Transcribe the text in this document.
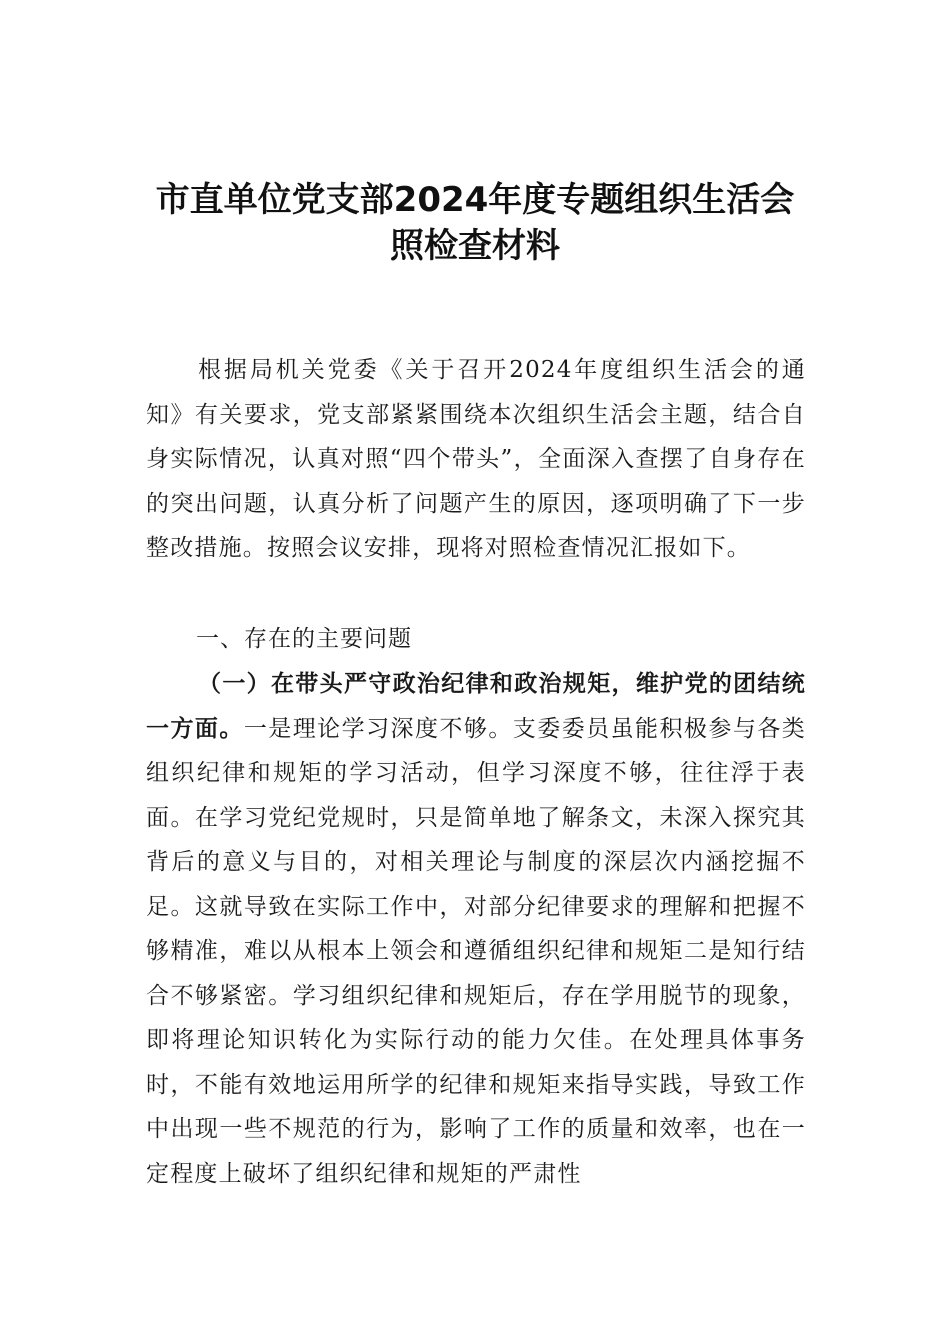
市直单位党支部2024年度专题组织生活会
照检查材料

根据局机关党委《关于召开2024年度组织生活会的通知》有关要求，党支部紧紧围绕本次组织生活会主题，结合自身实际情况，认真对照“四个带头”，全面深入查摆了自身存在的突出问题，认真分析了问题产生的原因，逐项明确了下一步整改措施。按照会议安排，现将对照检查情况汇报如下。

一、存在的主要问题

（一）在带头严守政治纪律和政治规矩，维护党的团结统一方面。一是理论学习深度不够。支委委员虽能积极参与各类组织纪律和规矩的学习活动，但学习深度不够，往往浮于表面。在学习党纪党规时，只是简单地了解条文，未深入探究其背后的意义与目的，对相关理论与制度的深层次内涵挖掘不足。这就导致在实际工作中，对部分纪律要求的理解和把握不够精准，难以从根本上领会和遵循组织纪律和规矩二是知行结合不够紧密。学习组织纪律和规矩后，存在学用脱节的现象，即将理论知识转化为实际行动的能力欠佳。在处理具体事务时，不能有效地运用所学的纪律和规矩来指导实践，导致工作中出现一些不规范的行为，影响了工作的质量和效率，也在一定程度上破坏了组织纪律和规矩的严肃性
